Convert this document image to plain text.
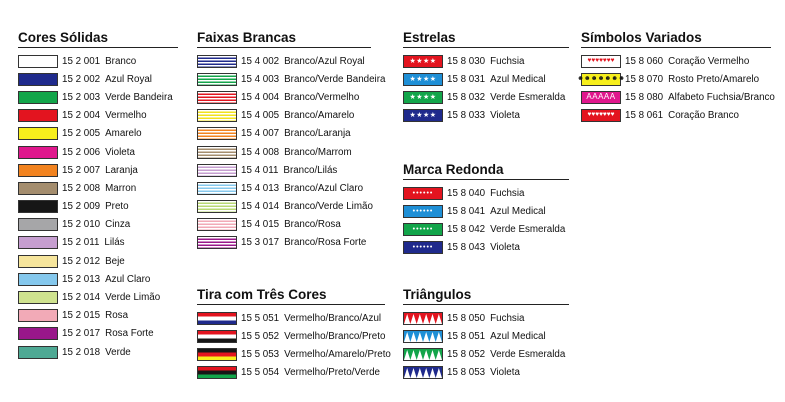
Cores Sólidas
15 2 001 Branco
15 2 002 Azul Royal
15 2 003 Verde Bandeira
15 2 004 Vermelho
15 2 005 Amarelo
15 2 006 Violeta
15 2 007 Laranja
15 2 008 Marron
15 2 009 Preto
15 2 010 Cinza
15 2 011 Lilás
15 2 012 Beje
15 2 013 Azul Claro
15 2 014 Verde Limão
15 2 015 Rosa
15 2 017 Rosa Forte
15 2 018 Verde
Faixas Brancas
15 4 002 Branco/Azul Royal
15 4 003 Branco/Verde Bandeira
15 4 004 Branco/Vermelho
15 4 005 Branco/Amarelo
15 4 007 Branco/Laranja
15 4 008 Branco/Marrom
15 4 011 Branco/Lilás
15 4 013 Branco/Azul Claro
15 4 014 Branco/Verde Limão
15 4 015 Branco/Rosa
15 3 017 Branco/Rosa Forte
Tira com Três Cores
15 5 051 Vermelho/Branco/Azul
15 5 052 Vermelho/Branco/Preto
15 5 053 Vermelho/Amarelo/Preto
15 5 054 Vermelho/Preto/Verde
Estrelas
★★★★ 15 8 030 Fuchsia
★★★★ 15 8 031 Azul Medical
★★★★ 15 8 032 Verde Esmeralda
★★★★ 15 8 033 Violeta
Marca Redonda
•••••• 15 8 040 Fuchsia
•••••• 15 8 041 Azul Medical
•••••• 15 8 042 Verde Esmeralda
•••••• 15 8 043 Violeta
Triângulos
15 8 050 Fuchsia
15 8 051 Azul Medical
15 8 052 Verde Esmeralda
15 8 053 Violeta
Símbolos Variados
♥♥♥♥♥♥♥ 15 8 060 Coração Vermelho
☻☻☻☻☻☻☻ 15 8 070 Rosto Preto/Amarelo
AAAAA 15 8 080 Alfabeto Fuchsia/Branco
♥♥♥♥♥♥♥ 15 8 061 Coração Branco
